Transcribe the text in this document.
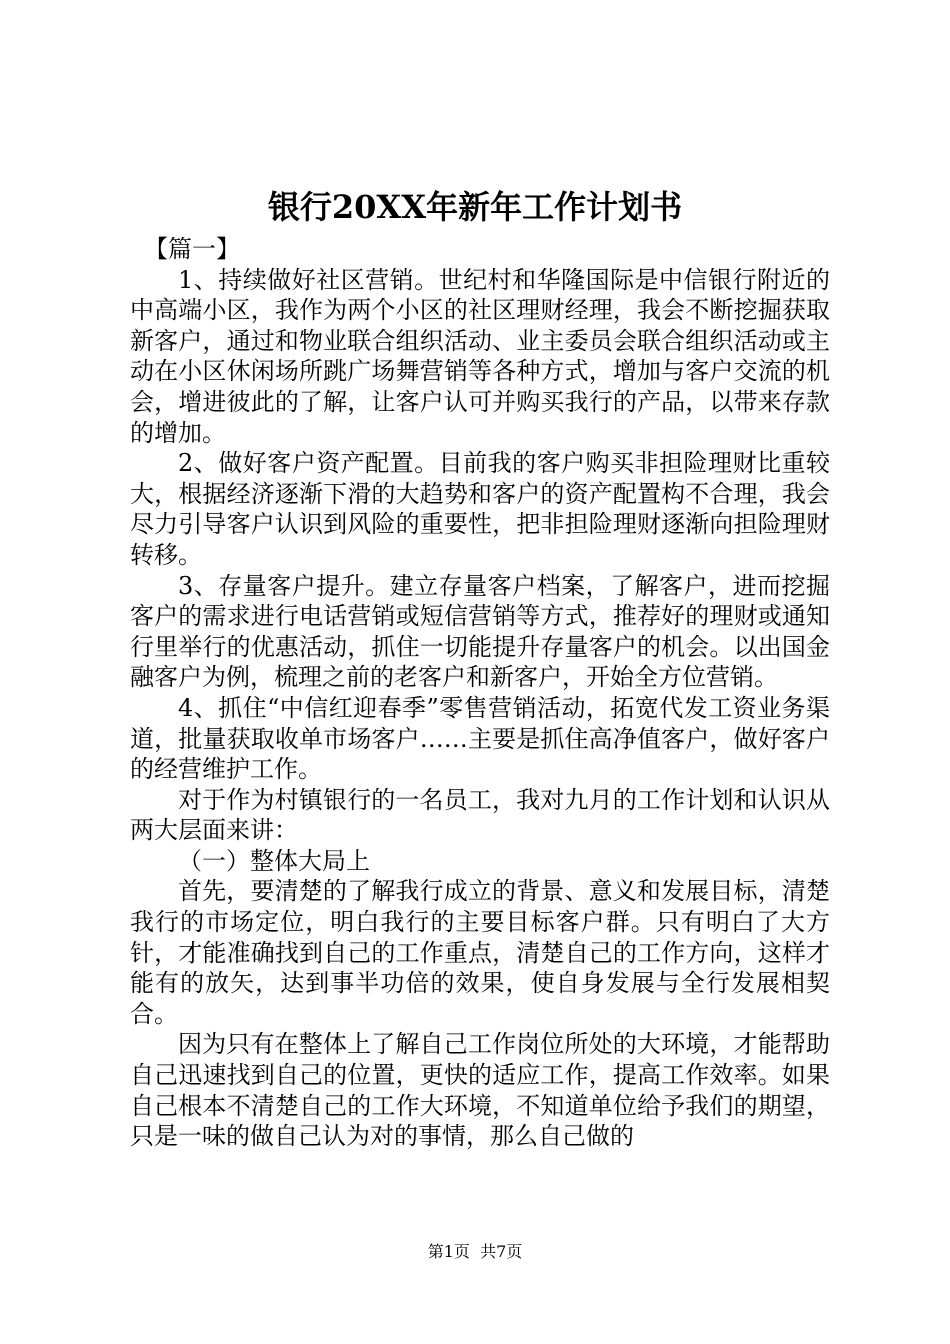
银行20XX年新年工作计划书

【篇一】

1、持续做好社区营销。世纪村和华隆国际是中信银行附近的中高端小区，我作为两个小区的社区理财经理，我会不断挖掘获取新客户，通过和物业联合组织活动、业主委员会联合组织活动或主动在小区休闲场所跳广场舞营销等各种方式，增加与客户交流的机会，增进彼此的了解，让客户认可并购买我行的产品，以带来存款的增加。

2、做好客户资产配置。目前我的客户购买非担险理财比重较大，根据经济逐渐下滑的大趋势和客户的资产配置构不合理，我会尽力引导客户认识到风险的重要性，把非担险理财逐渐向担险理财转移。

3、存量客户提升。建立存量客户档案，了解客户，进而挖掘客户的需求进行电话营销或短信营销等方式，推荐好的理财或通知行里举行的优惠活动，抓住一切能提升存量客户的机会。以出国金融客户为例，梳理之前的老客户和新客户，开始全方位营销。

4、抓住“中信红迎春季”零售营销活动，拓宽代发工资业务渠道，批量获取收单市场客户……主要是抓住高净值客户，做好客户的经营维护工作。

对于作为村镇银行的一名员工，我对九月的工作计划和认识从两大层面来讲：

（一）整体大局上

首先，要清楚的了解我行成立的背景、意义和发展目标，清楚我行的市场定位，明白我行的主要目标客户群。只有明白了大方针，才能准确找到自己的工作重点，清楚自己的工作方向，这样才能有的放矢，达到事半功倍的效果，使自身发展与全行发展相契合。

因为只有在整体上了解自己工作岗位所处的大环境，才能帮助自己迅速找到自己的位置，更快的适应工作，提高工作效率。如果自己根本不清楚自己的工作大环境，不知道单位给予我们的期望，只是一味的做自己认为对的事情，那么自己做的

第1页  共7页
